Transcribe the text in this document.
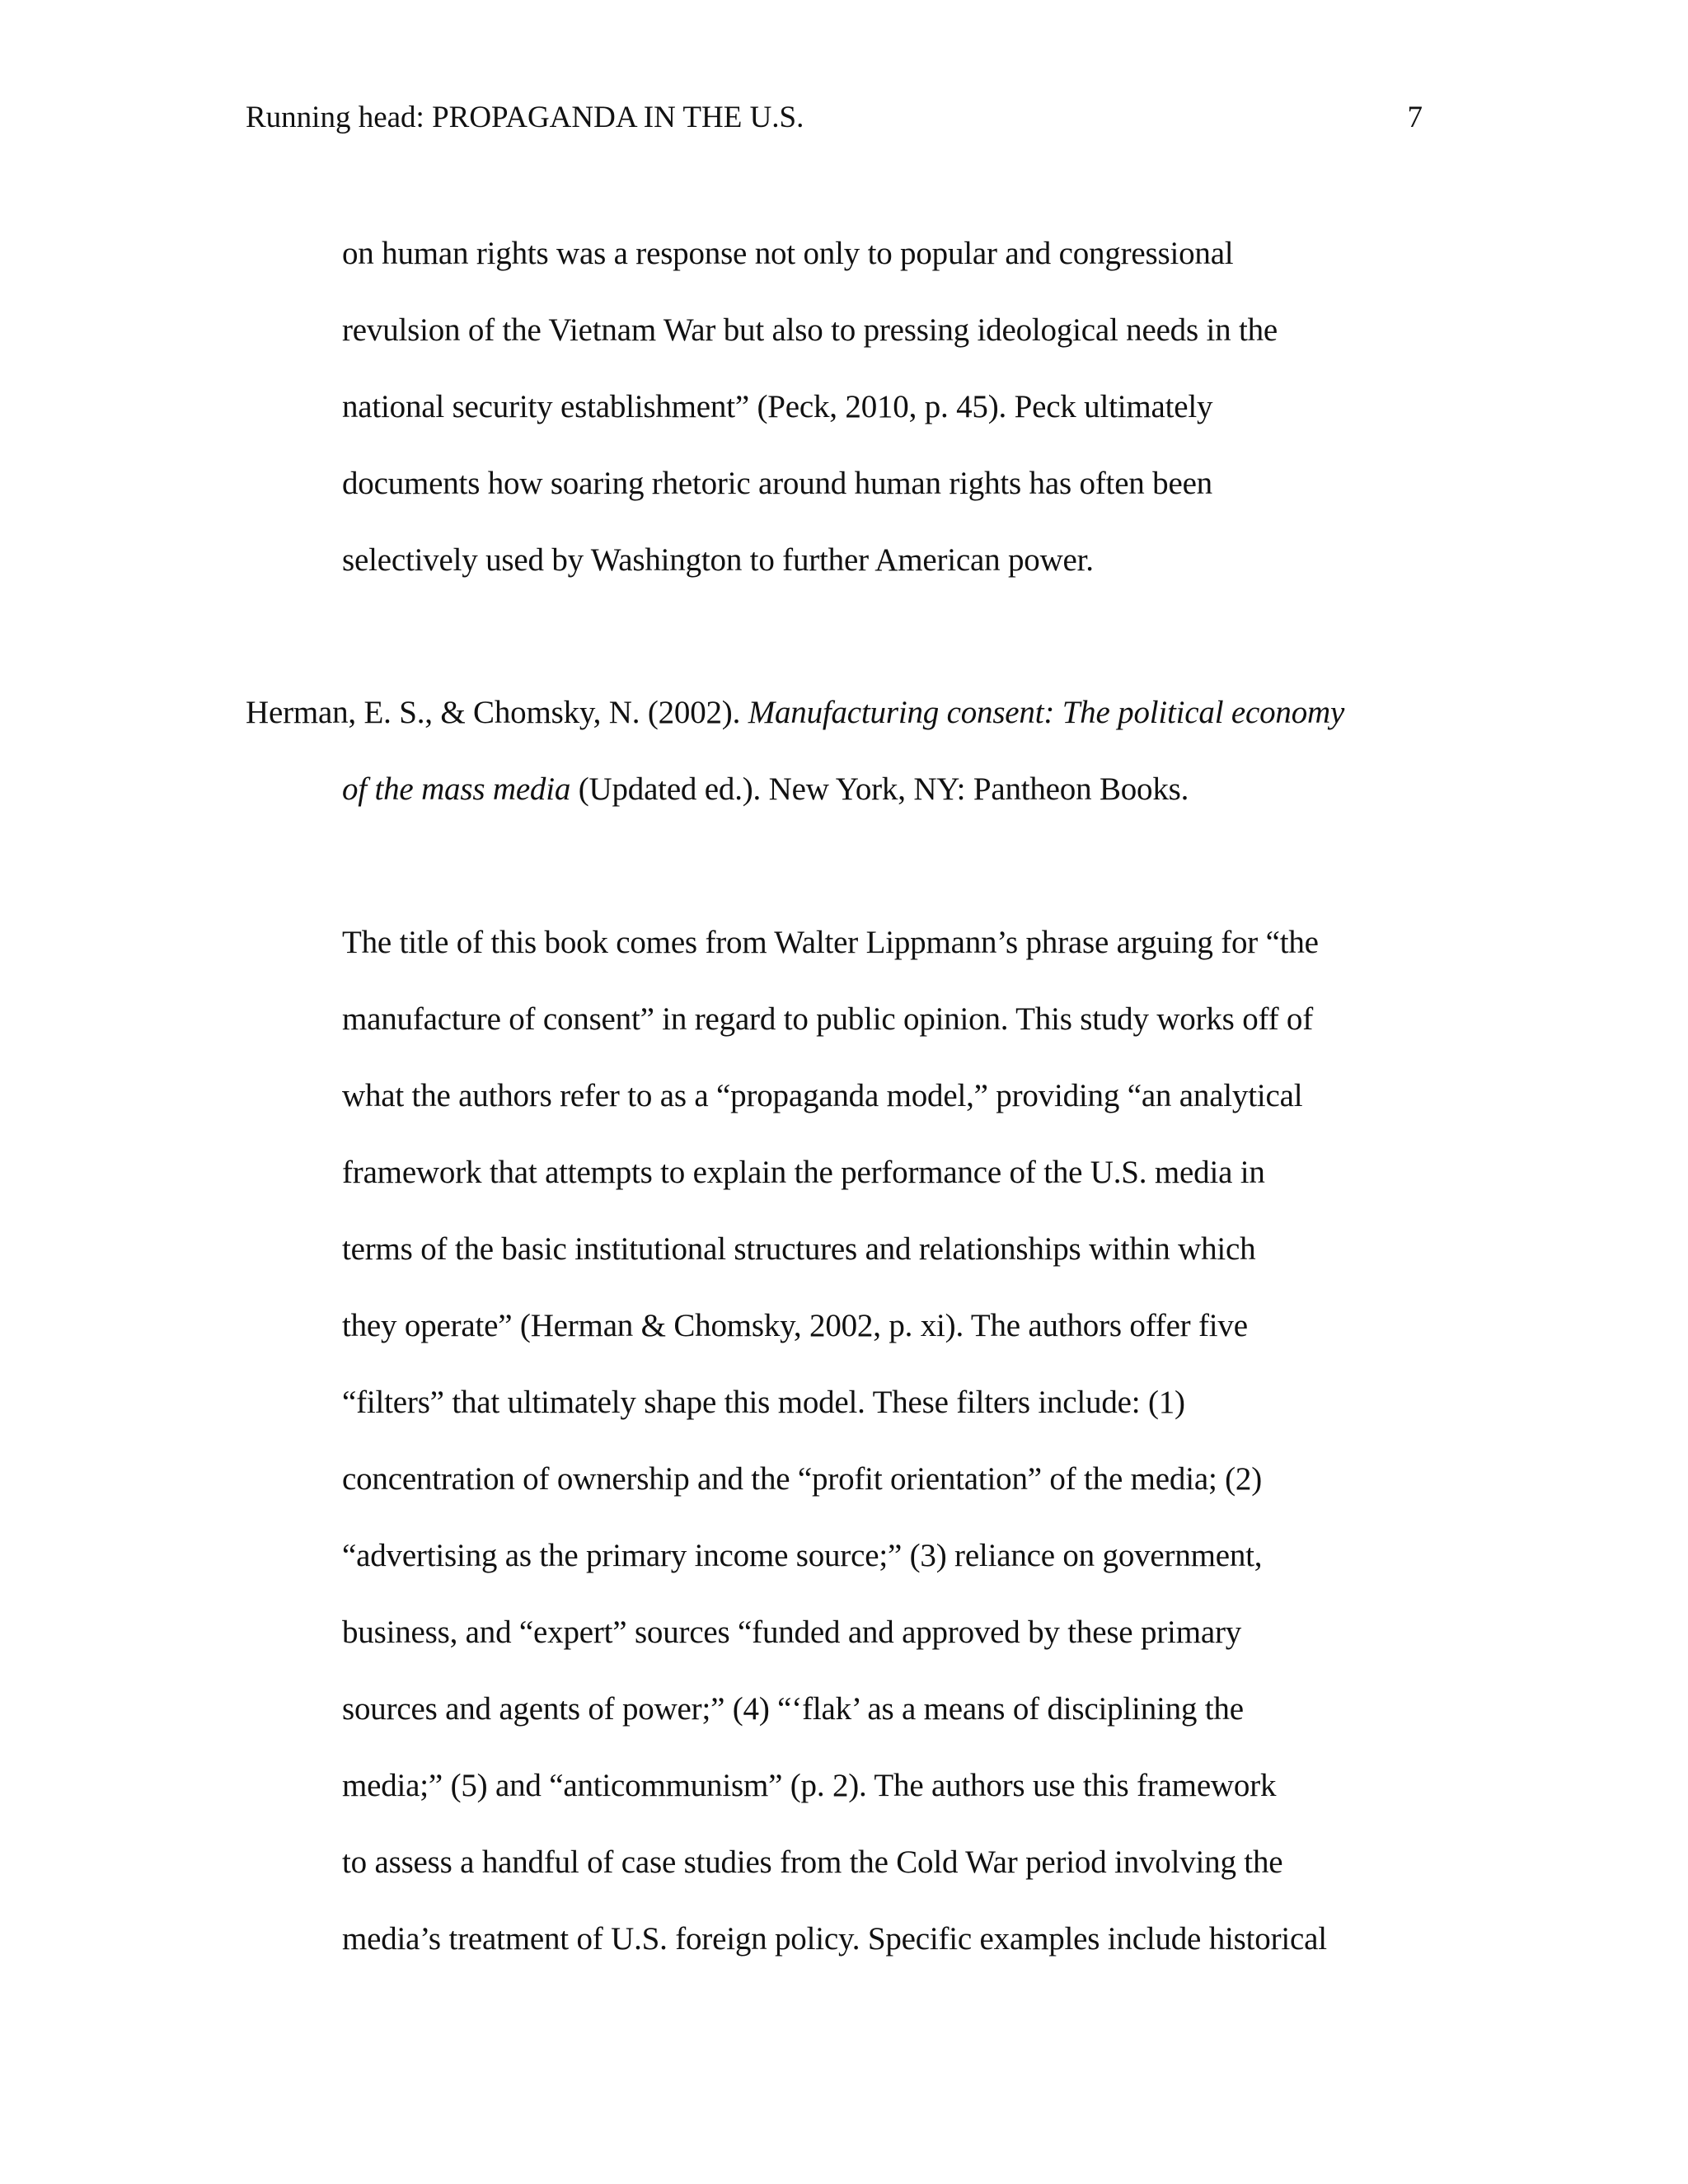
Running head: PROPAGANDA IN THE U.S.	7
on human rights was a response not only to popular and congressional
revulsion of the Vietnam War but also to pressing ideological needs in the
national security establishment” (Peck, 2010, p. 45). Peck ultimately
documents how soaring rhetoric around human rights has often been
selectively used by Washington to further American power.
Herman, E. S., & Chomsky, N. (2002). Manufacturing consent: The political economy
of the mass media (Updated ed.). New York, NY: Pantheon Books.
The title of this book comes from Walter Lippmann’s phrase arguing for “the
manufacture of consent” in regard to public opinion. This study works off of
what the authors refer to as a “propaganda model,” providing “an analytical
framework that attempts to explain the performance of the U.S. media in
terms of the basic institutional structures and relationships within which
they operate” (Herman & Chomsky, 2002, p. xi). The authors offer five
“filters” that ultimately shape this model. These filters include: (1)
concentration of ownership and the “profit orientation” of the media; (2)
“advertising as the primary income source;” (3) reliance on government,
business, and “expert” sources “funded and approved by these primary
sources and agents of power;” (4) “‘flak’ as a means of disciplining the
media;” (5) and “anticommunism” (p. 2). The authors use this framework
to assess a handful of case studies from the Cold War period involving the
media’s treatment of U.S. foreign policy. Specific examples include historical
